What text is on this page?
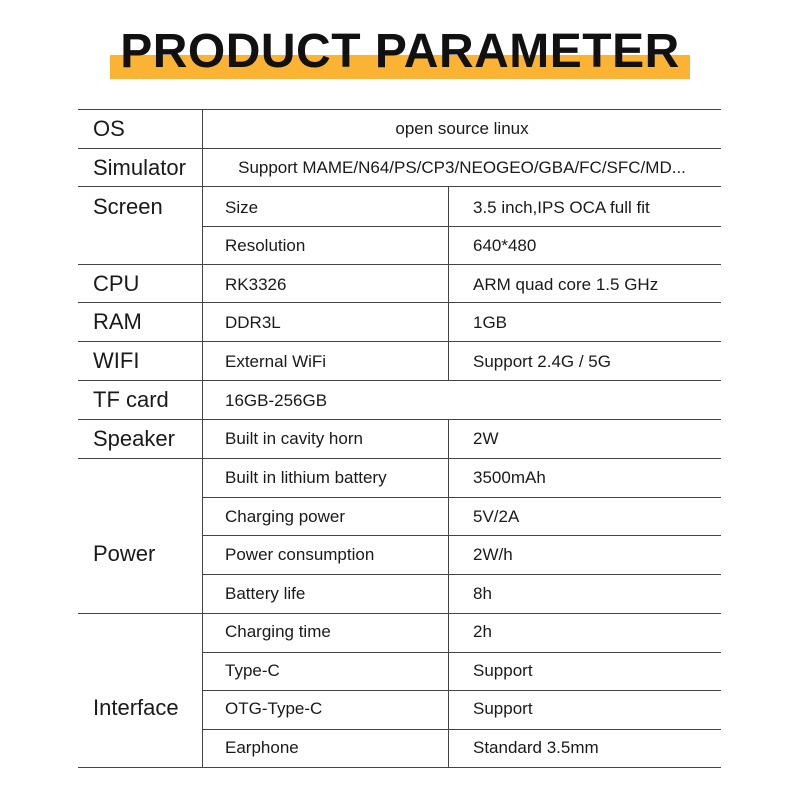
PRODUCT PARAMETER
OS	open source linux
Simulator	Support MAME/N64/PS/CP3/NEOGEO/GBA/FC/SFC/MD...
Screen	Size	3.5 inch,IPS OCA full fit
Resolution	640*480
CPU	RK3326	ARM quad core 1.5 GHz
RAM	DDR3L	1GB
WIFI	External WiFi	Support 2.4G / 5G
TF card	16GB-256GB
Speaker	Built in cavity horn	2W
Power
Built in lithium battery	3500mAh
Charging power	5V/2A
Power consumption	2W/h
Battery life	8h
Interface
Charging time	2h
Type-C	Support
OTG-Type-C	Support
Earphone	Standard 3.5mm
